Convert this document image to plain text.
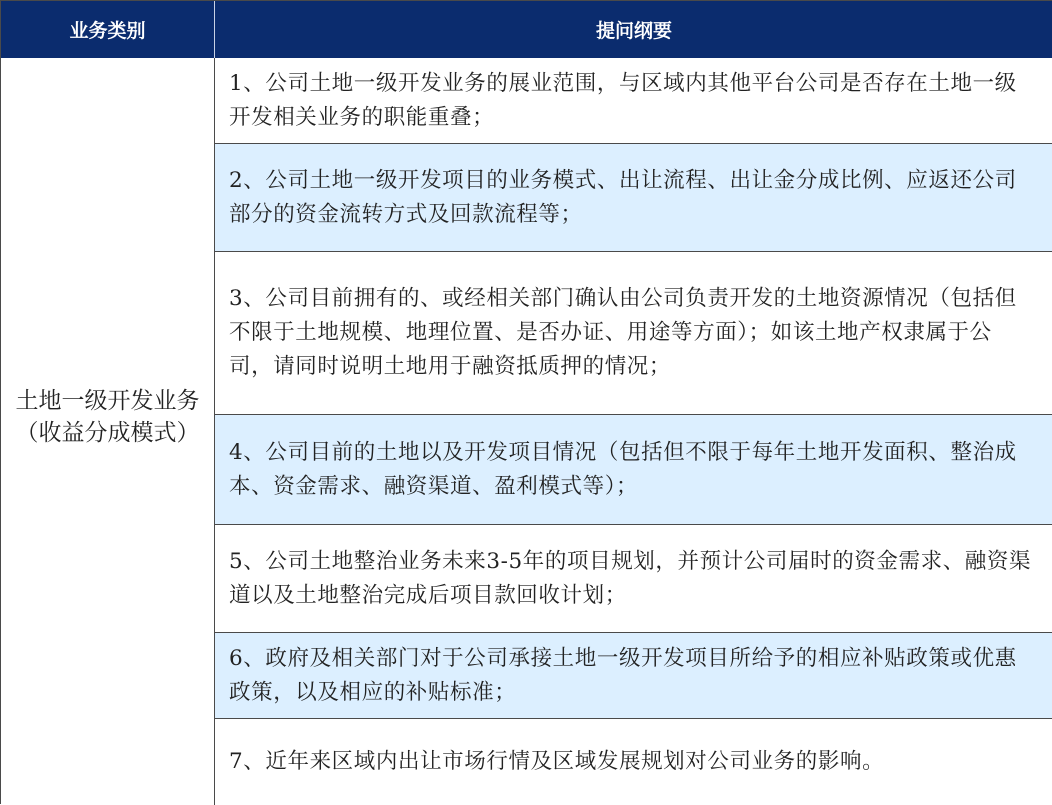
业务类别	提问纲要
土地一级开发业务（收益分成模式）
1、公司土地一级开发业务的展业范围，与区域内其他平台公司是否存在土地一级开发相关业务的职能重叠；
2、公司土地一级开发项目的业务模式、出让流程、出让金分成比例、应返还公司部分的资金流转方式及回款流程等；
3、公司目前拥有的、或经相关部门确认由公司负责开发的土地资源情况（包括但不限于土地规模、地理位置、是否办证、用途等方面）；如该土地产权隶属于公司，请同时说明土地用于融资抵质押的情况；
4、公司目前的土地以及开发项目情况（包括但不限于每年土地开发面积、整治成本、资金需求、融资渠道、盈利模式等）；
5、公司土地整治业务未来3-5年的项目规划，并预计公司届时的资金需求、融资渠道以及土地整治完成后项目款回收计划；
6、政府及相关部门对于公司承接土地一级开发项目所给予的相应补贴政策或优惠政策，以及相应的补贴标准；
7、近年来区域内出让市场行情及区域发展规划对公司业务的影响。
